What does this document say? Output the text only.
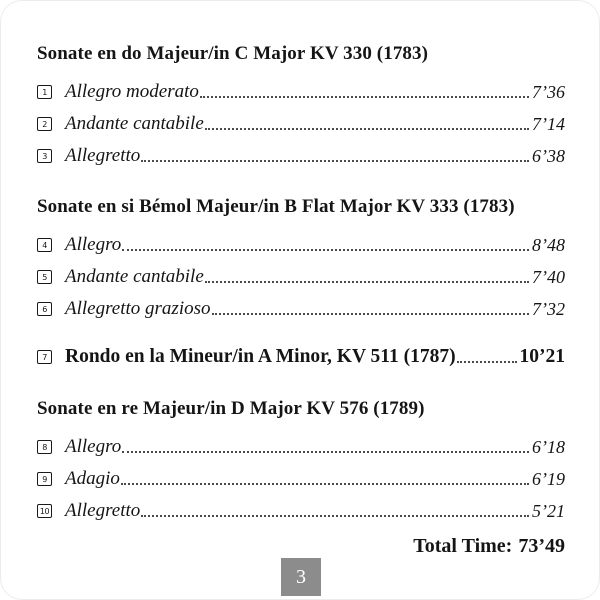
Sonate en do Majeur/in C Major KV 330 (1783)
1 Allegro moderato	7’36
2 Andante cantabile	7’14
3 Allegretto	6’38
Sonate en si Bémol Majeur/in B Flat Major KV 333 (1783)
4 Allegro	8’48
5 Andante cantabile	7’40
6 Allegretto grazioso	7’32
7 Rondo en la Mineur/in A Minor, KV 511 (1787)	10’21
Sonate en re Majeur/in D Major KV 576 (1789)
8 Allegro	6’18
9 Adagio	6’19
10 Allegretto	5’21
Total Time: 73’49
3
